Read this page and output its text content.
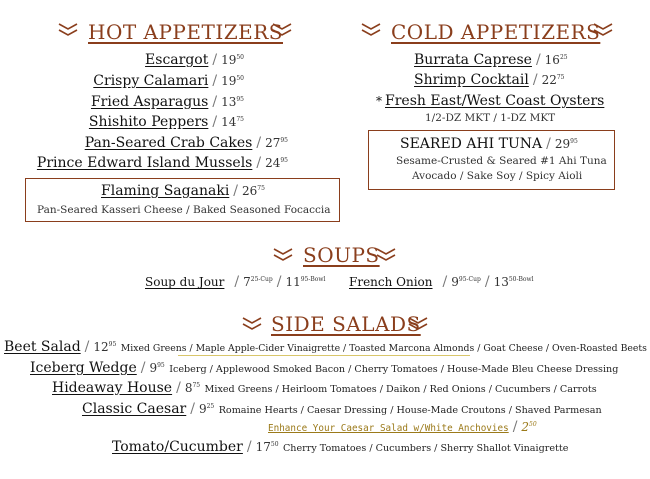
HOT APPETIZERS
Escargot / $19^{50}$
Crispy Calamari / $19^{50}$
Fried Asparagus / $13^{95}$
Shishito Peppers / $14^{75}$
Pan-Seared Crab Cakes / $27^{95}$
Prince Edward Island Mussels / $24^{95}$
Flaming Saganaki / $26^{75}$
Pan-Seared Kasseri Cheese / Baked Seasoned Focaccia
COLD APPETIZERS
Burrata Caprese / $16^{25}$
Shrimp Cocktail / $22^{75}$
* Fresh East/West Coast Oysters
1/2-DZ MKT / 1-DZ MKT
SEARED AHI TUNA / $29^{95}$
Sesame-Crusted & Seared #1 Ahi Tuna
Avocado / Sake Soy / Spicy Aioli
SOUPS
Soup du Jour / $7^{25-Cup} / 11^{95-Bowl}$ French Onion / $9^{95-Cup} / 13^{50-Bowl}$
SIDE SALADS
Beet Salad / $12^{95}$ Mixed Greens / Maple Apple-Cider Vinaigrette / Toasted Marcona Almonds / Goat Cheese / Oven-Roasted Beets
Iceberg Wedge / $9^{95}$ Iceberg / Applewood Smoked Bacon / Cherry Tomatoes / House-Made Bleu Cheese Dressing
Hideaway House / $8^{75}$ Mixed Greens / Heirloom Tomatoes / Daikon / Red Onions / Cucumbers / Carrots
Classic Caesar / $9^{25}$ Romaine Hearts / Caesar Dressing / House-Made Croutons / Shaved Parmesan
Enhance Your Caesar Salad w/White Anchovies / $2^{50}$
Tomato/Cucumber / $17^{50}$ Cherry Tomatoes / Cucumbers / Sherry Shallot Vinaigrette
